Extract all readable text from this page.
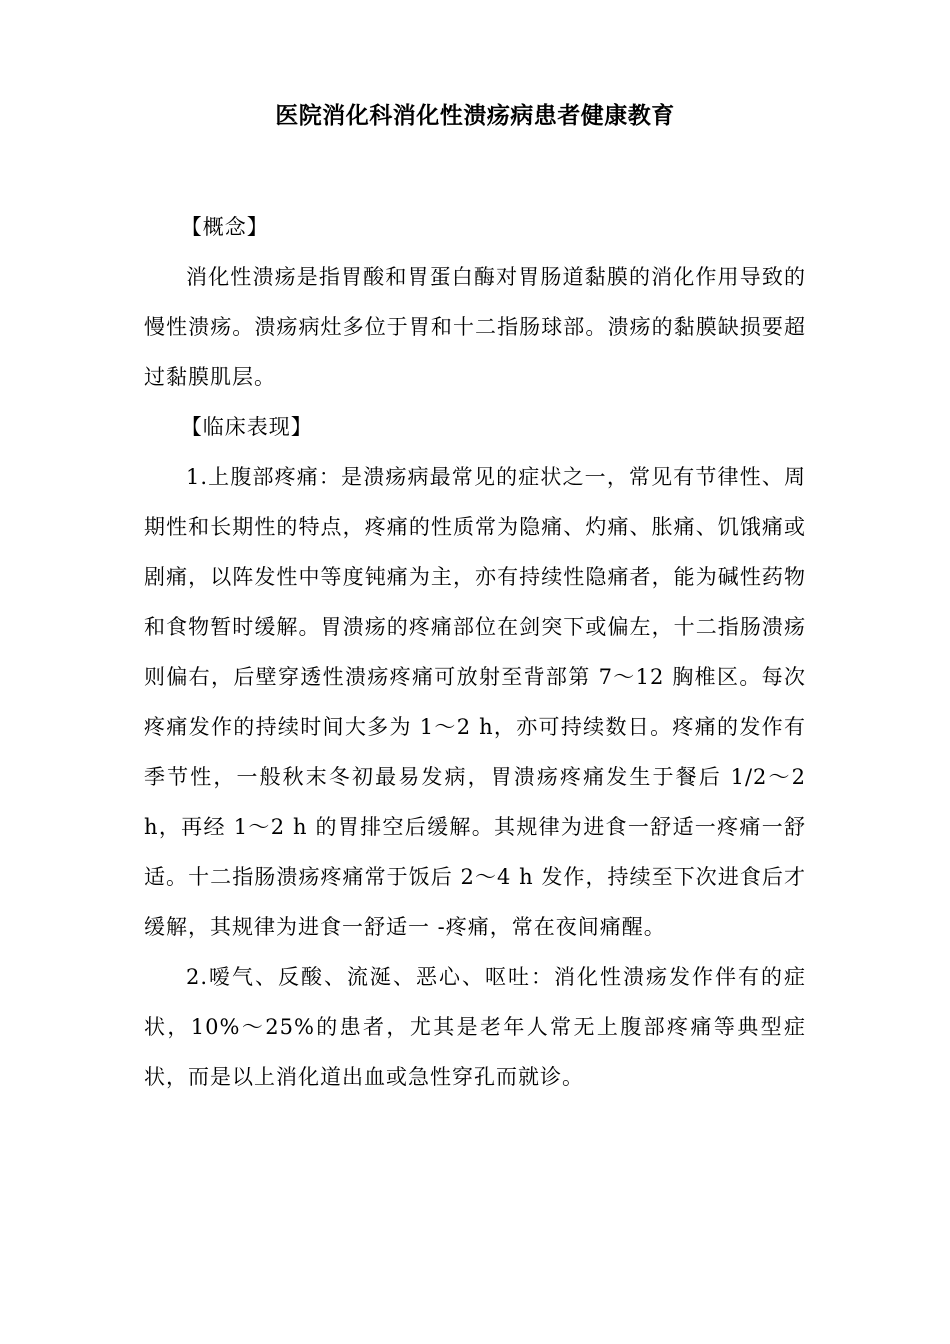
医院消化科消化性溃疡病患者健康教育

【概念】

消化性溃疡是指胃酸和胃蛋白酶对胃肠道黏膜的消化作用导致的慢性溃疡。溃疡病灶多位于胃和十二指肠球部。溃疡的黏膜缺损要超过黏膜肌层。

【临床表现】

1.上腹部疼痛：是溃疡病最常见的症状之一，常见有节律性、周期性和长期性的特点，疼痛的性质常为隐痛、灼痛、胀痛、饥饿痛或剧痛，以阵发性中等度钝痛为主，亦有持续性隐痛者，能为碱性药物和食物暂时缓解。胃溃疡的疼痛部位在剑突下或偏左，十二指肠溃疡则偏右，后壁穿透性溃疡疼痛可放射至背部第 7～12 胸椎区。每次疼痛发作的持续时间大多为 1～2 h，亦可持续数日。疼痛的发作有季节性，一般秋末冬初最易发病，胃溃疡疼痛发生于餐后 1/2～2 h，再经 1～2 h 的胃排空后缓解。其规律为进食一舒适一疼痛一舒适。十二指肠溃疡疼痛常于饭后 2～4 h 发作，持续至下次进食后才缓解，其规律为进食一舒适一 -疼痛，常在夜间痛醒。

2.嗳气、反酸、流涎、恶心、呕吐：消化性溃疡发作伴有的症状，10%～25%的患者，尤其是老年人常无上腹部疼痛等典型症状，而是以上消化道出血或急性穿孔而就诊。
